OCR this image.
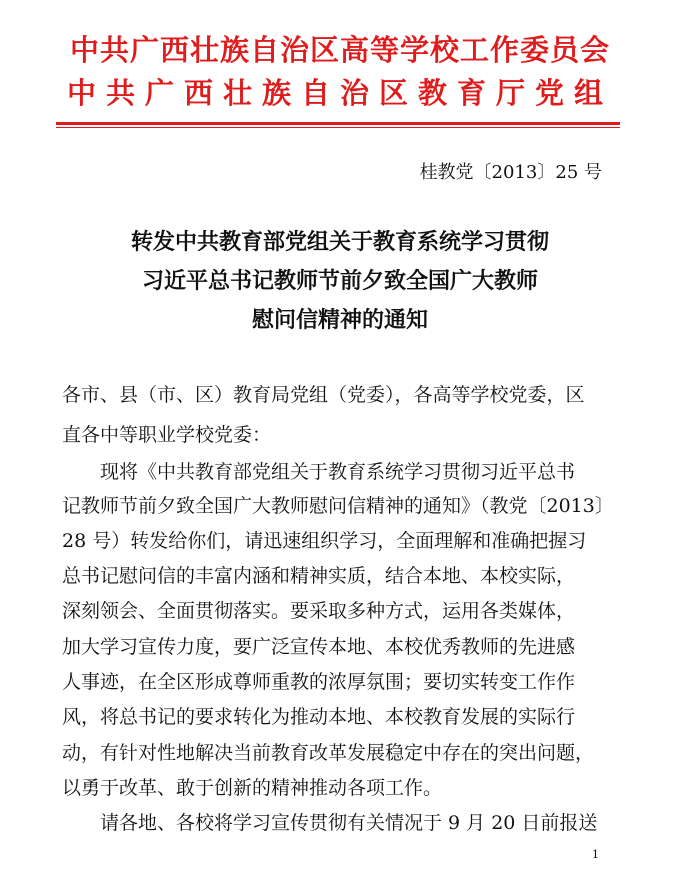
中共广西壮族自治区高等学校工作委员会
中共广西壮族自治区教育厅党组
桂教党〔2013〕25 号
转发中共教育部党组关于教育系统学习贯彻
习近平总书记教师节前夕致全国广大教师
慰问信精神的通知
各市、县（市、区）教育局党组（党委），各高等学校党委，区
直各中等职业学校党委：
现将《中共教育部党组关于教育系统学习贯彻习近平总书
记教师节前夕致全国广大教师慰问信精神的通知》（教党〔2013〕
28 号）转发给你们，请迅速组织学习，全面理解和准确把握习
总书记慰问信的丰富内涵和精神实质，结合本地、本校实际，
深刻领会、全面贯彻落实。要采取多种方式，运用各类媒体，
加大学习宣传力度，要广泛宣传本地、本校优秀教师的先进感
人事迹，在全区形成尊师重教的浓厚氛围；要切实转变工作作
风，将总书记的要求转化为推动本地、本校教育发展的实际行
动，有针对性地解决当前教育改革发展稳定中存在的突出问题，
以勇于改革、敢于创新的精神推动各项工作。
请各地、各校将学习宣传贯彻有关情况于 9 月 20 日前报送
1
